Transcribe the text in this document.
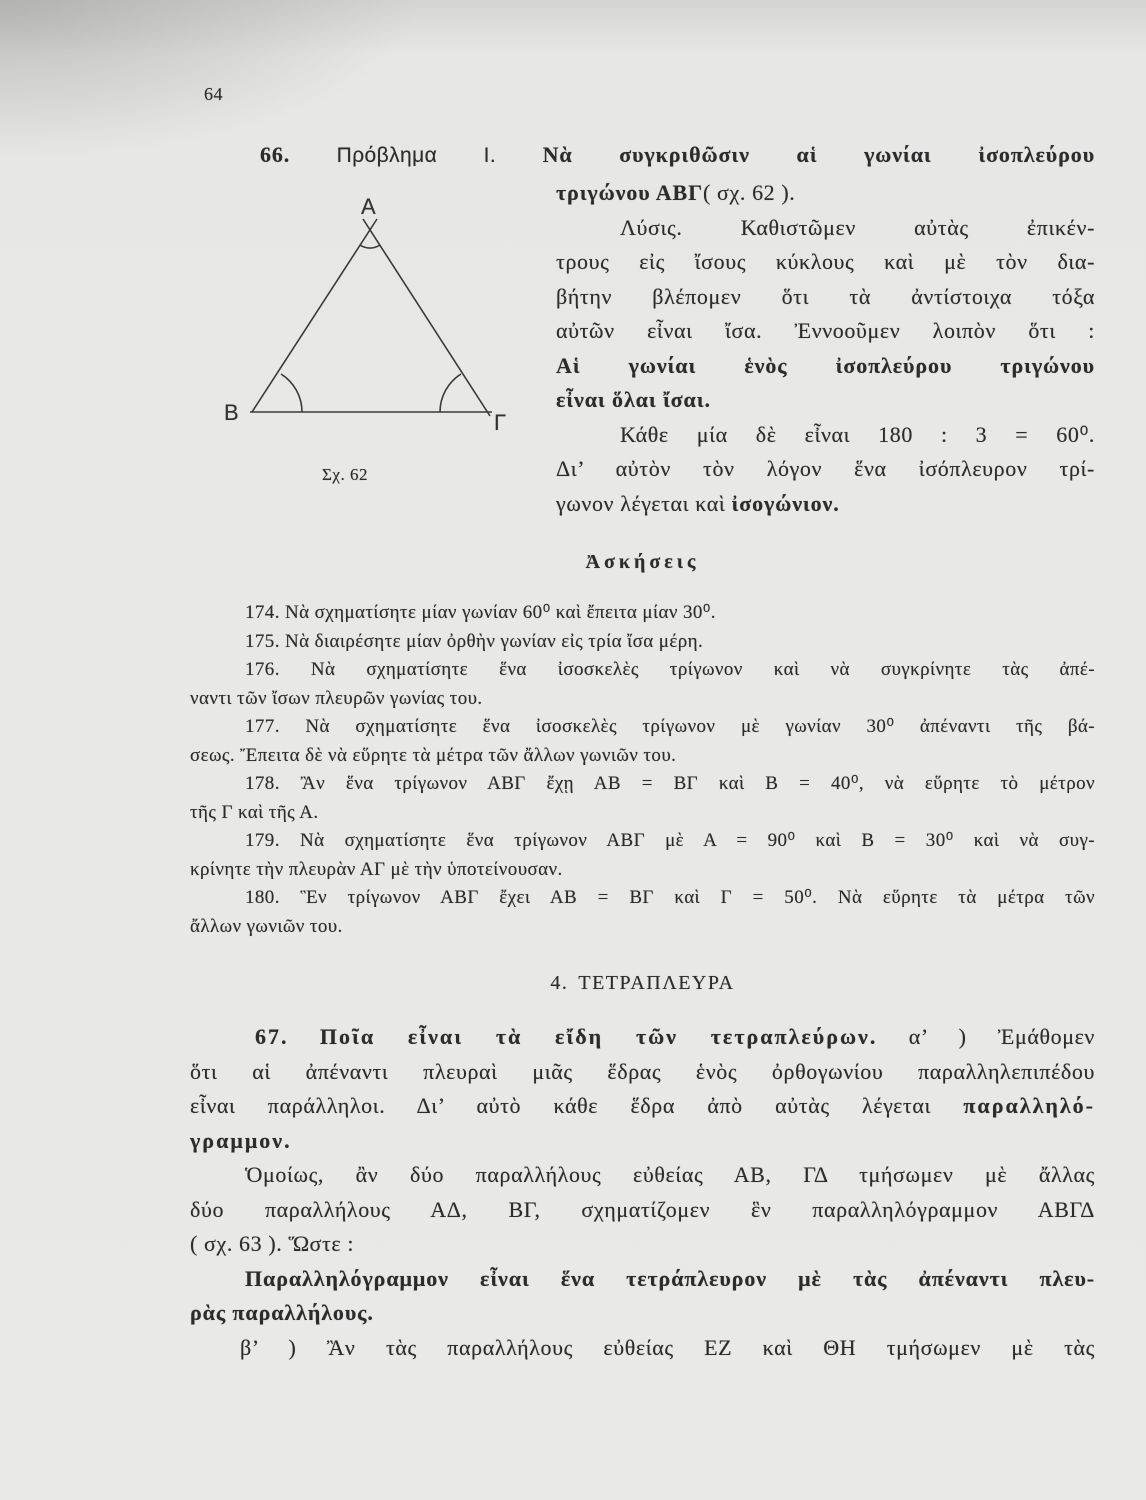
64
66. Πρόβλημα Ι. Νὰ συγκριθῶσιν αἱ γωνίαι ἰσοπλεύρου
τριγώνου ΑΒΓ( σχ. 62 ).
Λύσις. Καθιστῶμεν αὐτὰς ἐπικέν-
τρους εἰς ἴσους κύκλους καὶ μὲ τὸν δια-
βήτην βλέπομεν ὅτι τὰ ἀντίστοιχα τόξα
αὐτῶν εἶναι ἴσα. Ἐννοοῦμεν λοιπὸν ὅτι :
Αἱ γωνίαι ἑνὸς ἰσοπλεύρου τριγώνου
εἶναι ὅλαι ἴσαι.
Κάθε μία δὲ εἶναι 180 : 3 = 60⁰.
Δι’ αὐτὸν τὸν λόγον ἕνα ἰσόπλευρον τρί-
γωνον λέγεται καὶ ἰσογώνιον.
Α
Β	Γ
Σχ. 62
Ἀσκήσεις
174. Νὰ σχηματίσητε μίαν γωνίαν 60⁰ καὶ ἔπειτα μίαν 30⁰.
175. Νὰ διαιρέσητε μίαν ὀρθὴν γωνίαν εἰς τρία ἴσα μέρη.
176. Νὰ σχηματίσητε ἕνα ἰσοσκελὲς τρίγωνον καὶ νὰ συγκρίνητε τὰς ἀπέ-
ναντι τῶν ἴσων πλευρῶν γωνίας του.
177. Νὰ σχηματίσητε ἕνα ἰσοσκελὲς τρίγωνον μὲ γωνίαν 30⁰ ἀπέναντι τῆς βά-
σεως. Ἔπειτα δὲ νὰ εὕρητε τὰ μέτρα τῶν ἄλλων γωνιῶν του.
178. Ἂν ἕνα τρίγωνον ΑΒΓ ἔχῃ ΑΒ = ΒΓ καὶ Β = 40⁰, νὰ εὕρητε τὸ μέτρον
τῆς Γ καὶ τῆς Α.
179. Νὰ σχηματίσητε ἕνα τρίγωνον ΑΒΓ μὲ Α = 90⁰ καὶ Β = 30⁰ καὶ νὰ συγ-
κρίνητε τὴν πλευρὰν ΑΓ μὲ τὴν ὑποτείνουσαν.
180. Ἓν τρίγωνον ΑΒΓ ἔχει ΑΒ = ΒΓ καὶ Γ = 50⁰. Νὰ εὕρητε τὰ μέτρα τῶν
ἄλλων γωνιῶν του.
4. ΤΕΤΡΑΠΛΕΥΡΑ
67. Ποῖα εἶναι τὰ εἴδη τῶν τετραπλεύρων. α’ ) Ἐμάθομεν
ὅτι αἱ ἀπέναντι πλευραὶ μιᾶς ἕδρας ἑνὸς ὀρθογωνίου παραλληλεπιπέδου
εἶναι παράλληλοι. Δι’ αὐτὸ κάθε ἕδρα ἀπὸ αὐτὰς λέγεται παραλληλό-
γραμμον.
Ὁμοίως, ἂν δύο παραλλήλους εὐθείας ΑΒ, ΓΔ τμήσωμεν μὲ ἄλλας
δύο παραλλήλους ΑΔ, ΒΓ, σχηματίζομεν ἓν παραλληλόγραμμον ΑΒΓΔ
( σχ. 63 ). Ὥστε :
Παραλληλόγραμμον εἶναι ἕνα τετράπλευρον μὲ τὰς ἀπέναντι πλευ-
ρὰς παραλλήλους.
β’ ) Ἂν τὰς παραλλήλους εὐθείας ΕΖ καὶ ΘΗ τμήσωμεν μὲ τὰς
